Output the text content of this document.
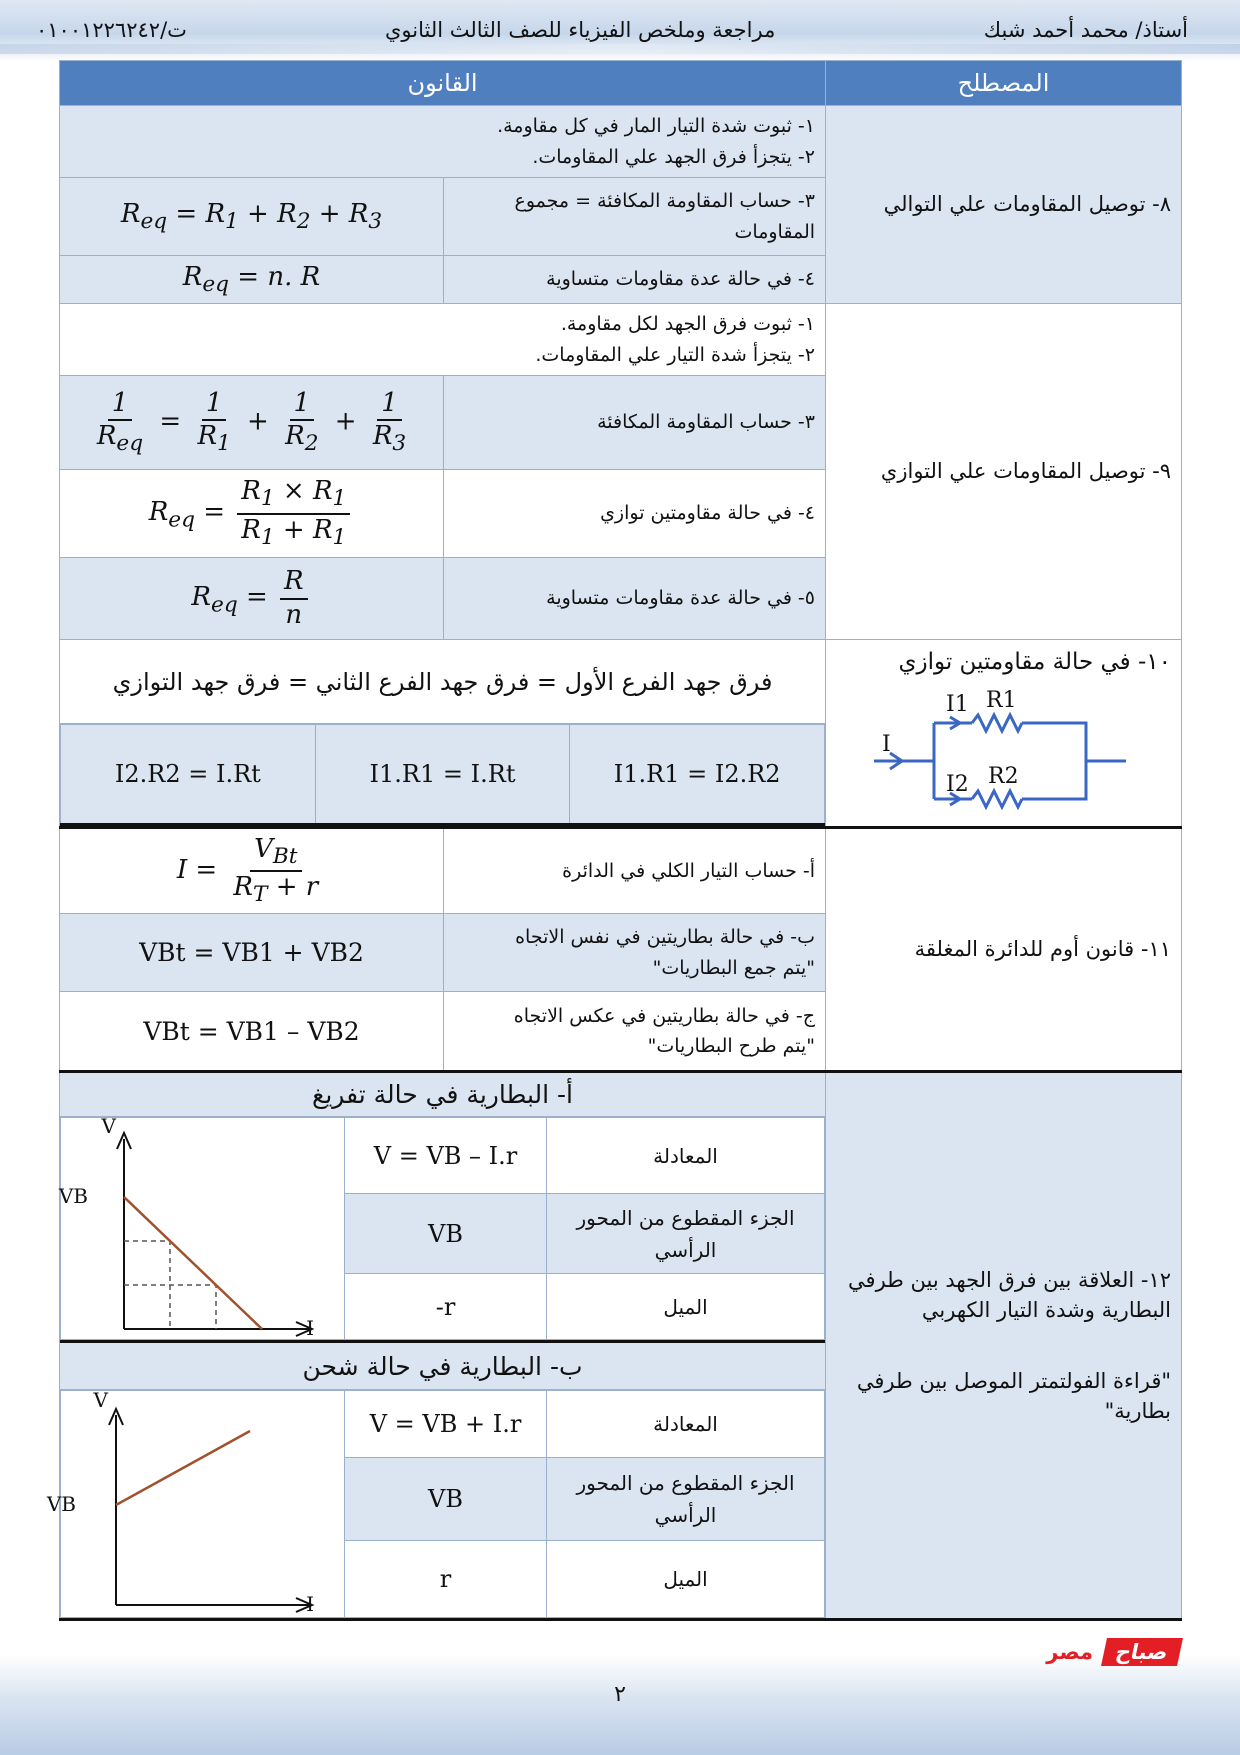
أستاذ/ محمد أحمد شبك
مراجعة وملخص الفيزياء للصف الثالث الثانوي
ت/٠١٠٠١٢٢٦٢٤٢
المصطلح	القانون
٨- توصيل المقاومات علي التوالي	
١- ثبوت شدة التيار المار في كل مقاومة.
٢- يتجزأ فرق الجهد علي المقاومات.

٣- حساب المقاومة المكافئة = مجموع المقاومات	$R_{eq} = R_1 + R_2 + R_3$
٤- في حالة عدة مقاومات متساوية	$R_{eq} = n$. R
٩- توصيل المقاومات علي التوازي	
١- ثبوت فرق الجهد لكل مقاومة.
٢- يتجزأ شدة التيار علي المقاومات.

٣- حساب المقاومة المكافئة	
$\frac{1}{R_{eq}} = \frac{1}{R_1} + \frac{1}{R_2} + \frac{1}{R_3}$

٤- في حالة مقاومتين توازي	$R_{eq} = \frac{R_1 \times R_1}{R_1 + R_1}$

٥- في حالة عدة مقاومات متساوية	$R_{eq} = \frac{R}{n}$

١٠- في حالة مقاومتين توازي
I
I1
I2
R1
R2

فرق جهد الفرع الأول = فرق جهد الفرع الثاني = فرق جهد التوازي
I1.R1 = I2.R2	I1.R1 = I.Rt	I2.R2 = I.Rt

١١- قانون أوم للدائرة المغلقة	أ- حساب التيار الكلي في الدائرة	$I = \frac{V_{Bt}}{R_T + r}$

ب- في حالة بطاريتين في نفس الاتجاه
"يتم جمع البطاريات"
	VBt = VB1 + VB2

ج- في حالة بطاريتين في عكس الاتجاه
"يتم طرح البطاريات"
	VBt = VB1 – VB2

١٢- العلاقة بين فرق الجهد بين طرفي البطارية وشدة التيار الكهربي
"قراءة الفولتمتر الموصل بين طرفي بطارية"

أ- البطارية في حالة تفريغ
المعادلة	V = VB – I.r	
V
I
VB

الجزء المقطوع من المحور الرأسي	VB
الميل	-r
ب- البطارية في حالة شحن
المعادلة	V = VB + I.r	
V
I
VB

الجزء المقطوع من المحور الرأسي	VB
الميل	r
صباح مصر
٢
